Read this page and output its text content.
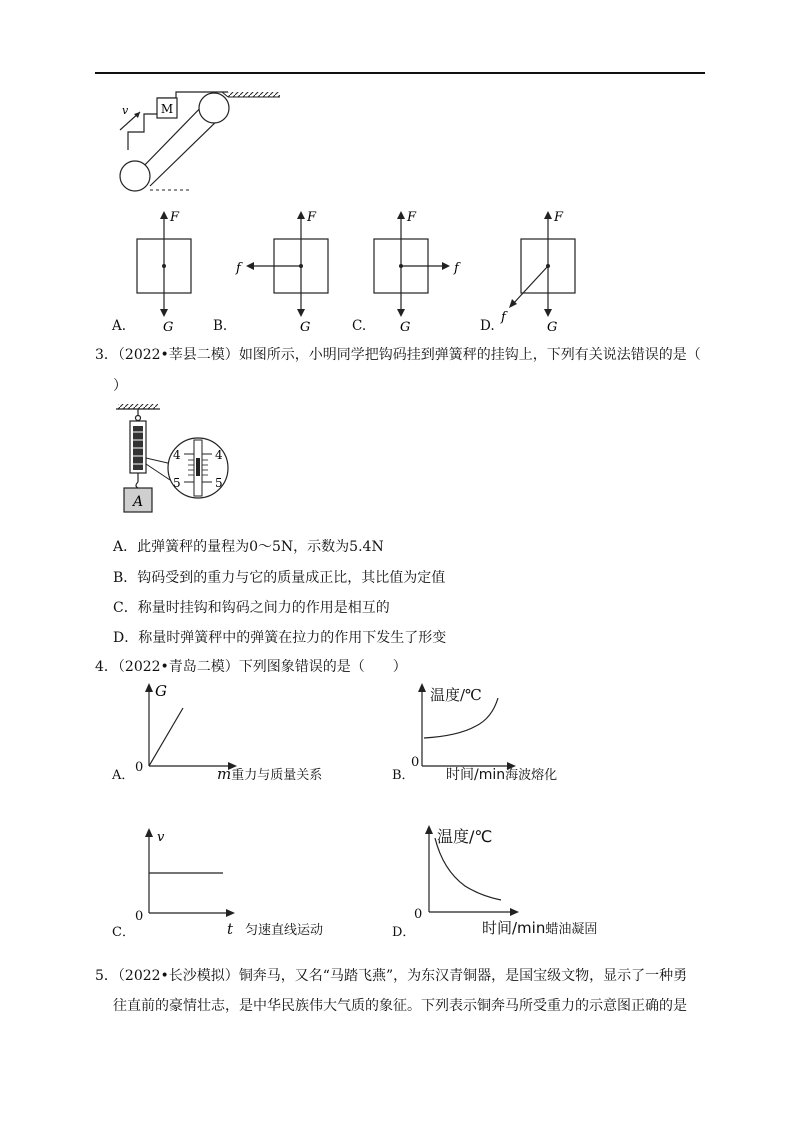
M
v
F
G
A.
F
G
f
B.
F
G
f
C.
F
G
f
D.
3．（2022•莘县二模）如图所示，小明同学把钩码挂到弹簧秤的挂钩上，下列有关说法错误的是（
）
A
4	4
5	5
A．此弹簧秤的量程为0～5N，示数为5.4N
B．钩码受到的重力与它的质量成正比，其比值为定值
C．称量时挂钩和钩码之间力的作用是相互的
D．称量时弹簧秤中的弹簧在拉力的作用下发生了形变
4．（2022•青岛二模）下列图象错误的是（　　）
G
A．
0	m重力与质量关系
温度/℃
B．
0
时间/min海波熔化
v
C．
0
t 匀速直线运动
温度/℃
D．
0
时间/min蜡油凝固
5．（2022•长沙模拟）铜奔马，又名“马踏飞燕”，为东汉青铜器，是国宝级文物，显示了一种勇
往直前的豪情壮志，是中华民族伟大气质的象征。下列表示铜奔马所受重力的示意图正确的是
